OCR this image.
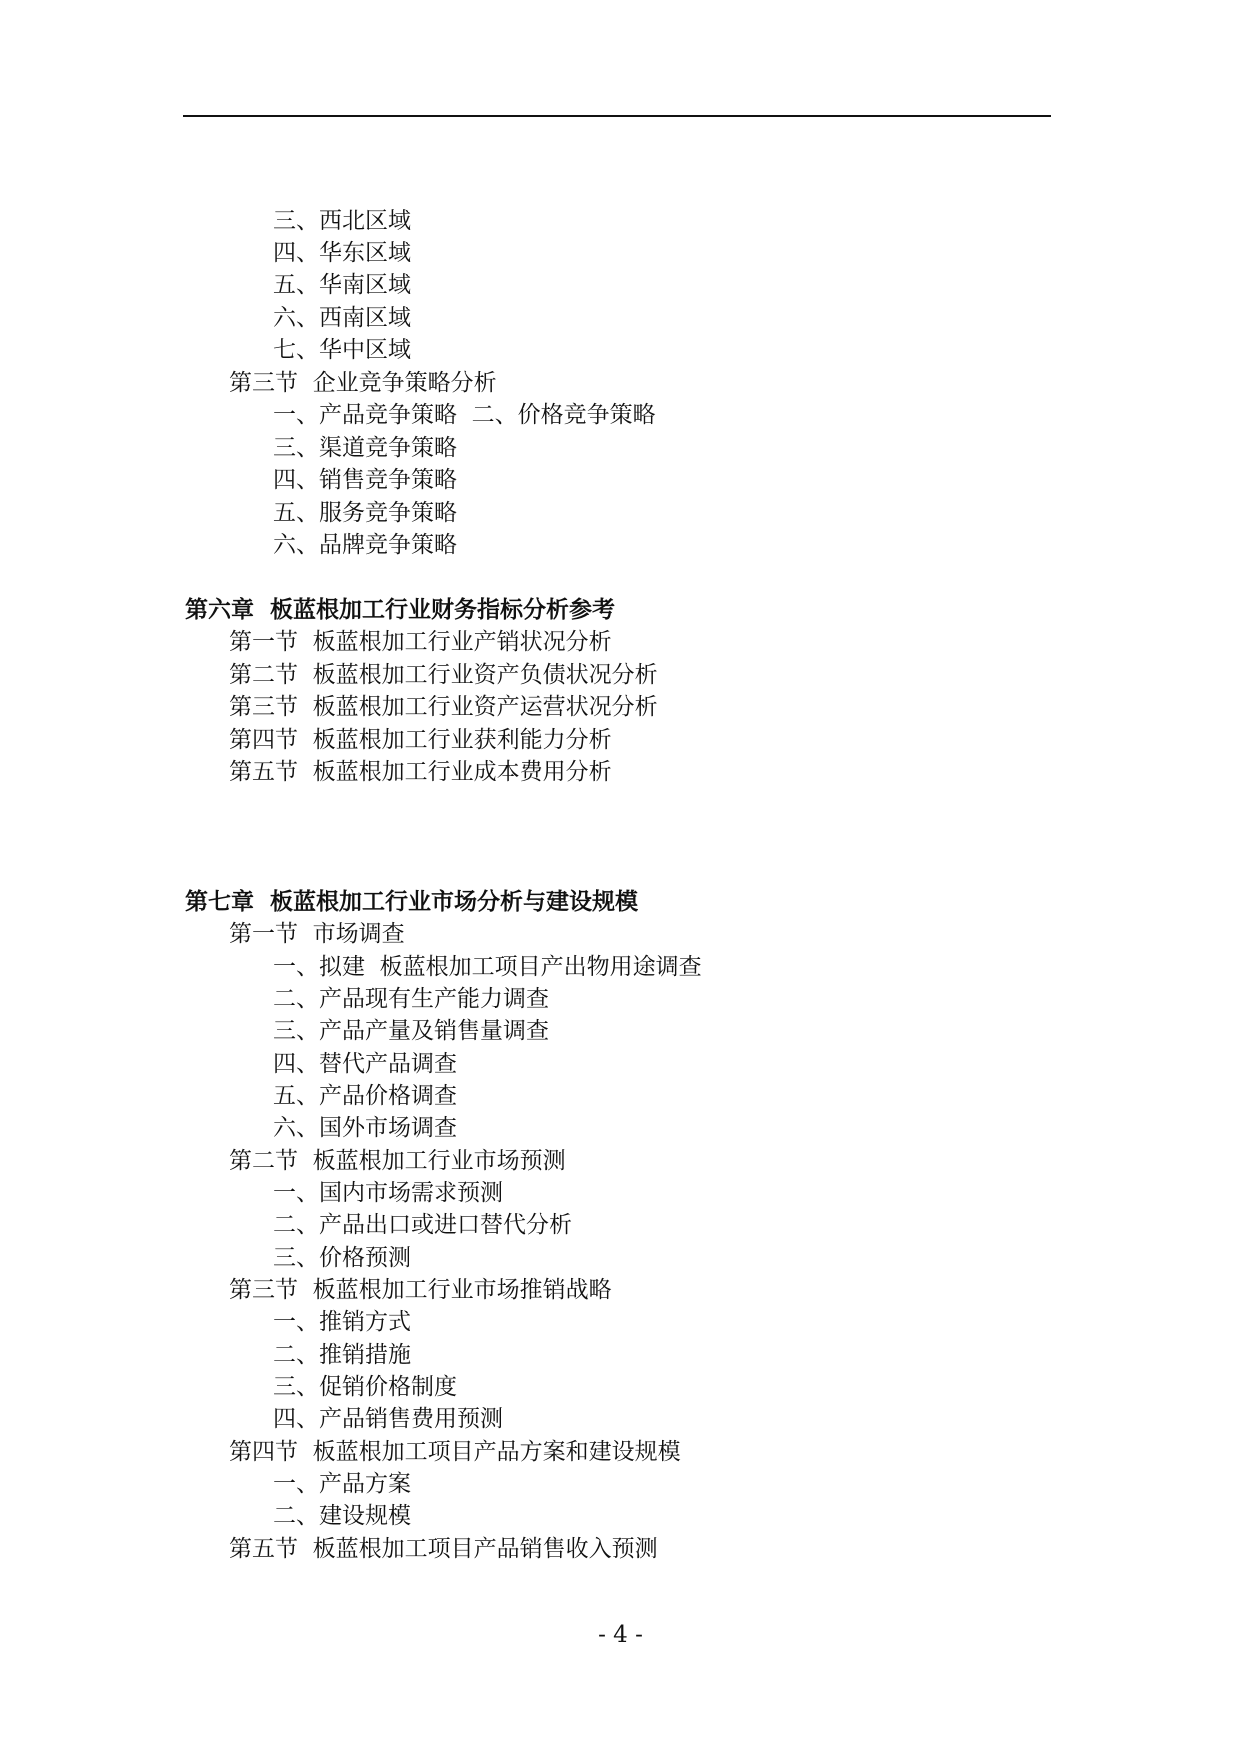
三、西北区域
四、华东区域
五、华南区域
六、西南区域
七、华中区域
第三节  企业竞争策略分析
一、产品竞争策略  二、价格竞争策略
三、渠道竞争策略
四、销售竞争策略
五、服务竞争策略
六、品牌竞争策略
第六章  板蓝根加工行业财务指标分析参考
第一节  板蓝根加工行业产销状况分析
第二节  板蓝根加工行业资产负债状况分析
第三节  板蓝根加工行业资产运营状况分析
第四节  板蓝根加工行业获利能力分析
第五节  板蓝根加工行业成本费用分析
第七章  板蓝根加工行业市场分析与建设规模
第一节  市场调查
一、拟建  板蓝根加工项目产出物用途调查
二、产品现有生产能力调查
三、产品产量及销售量调查
四、替代产品调查
五、产品价格调查
六、国外市场调查
第二节  板蓝根加工行业市场预测
一、国内市场需求预测
二、产品出口或进口替代分析
三、价格预测
第三节  板蓝根加工行业市场推销战略
一、推销方式
二、推销措施
三、促销价格制度
四、产品销售费用预测
第四节  板蓝根加工项目产品方案和建设规模
一、产品方案
二、建设规模
第五节  板蓝根加工项目产品销售收入预测
- 4 -
